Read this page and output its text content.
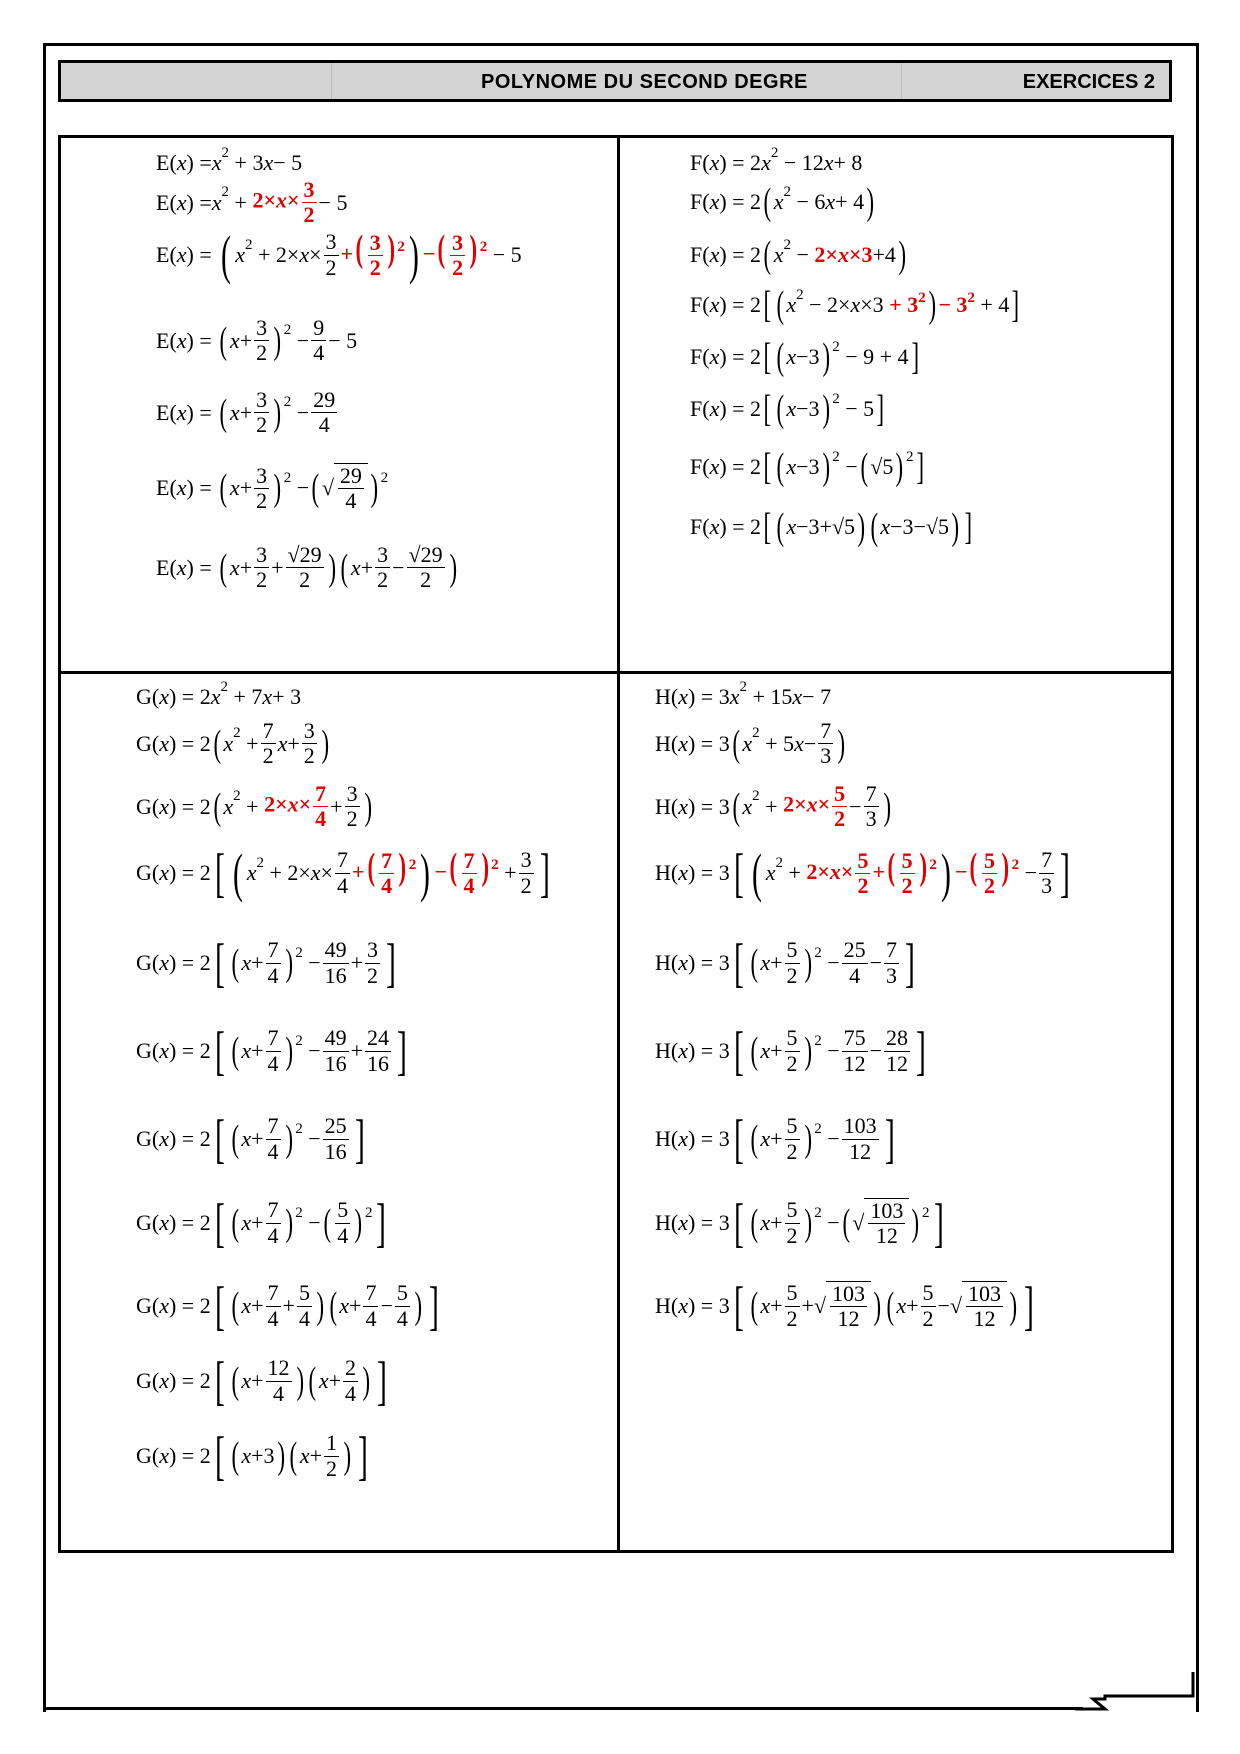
POLYNOME DU SECOND DEGRE	EXERCICES 2
E( x ) = x 2 + 3 x − 5
E( x ) = x $2 + 2\times x\times \frac{3}{2} - 5$
E( x ) = ( x $2 + 2\times x \times \frac{3}{2}$ +( $\frac{3}{2}$ ) $^2$ ) −( $\frac{3}{2}$ ) $^2$ − 5
E( x ) = ( $x + \frac{3}{2}$ ) $2 - \frac{9}{4} - 5$
E( x ) = ( $x + \frac{3}{2}$ ) $2 - \frac{29}{4}$
E( x ) = ( $x + \frac{3}{2}$ ) 2 − ( √ $\frac{29}{4}$ ) 2
E( x ) = ( $x + \frac{3}{2} + \frac{√29}{2}$ ) ( $x + \frac{3}{2} - \frac{√29}{2}$ )
F( x ) = 2 x 2 − 12 x + 8
F( x ) = 2 ( x 2 − 6 x + 4 )
F( x ) = 2 ( x 2 − 2×x×3 +4 )
F( x ) = 2 [ ( x $2 - 2\times x \times 3 + 3^2$ ) − $3^2 + 4$ ]
F( x ) = 2 [ ( x −3 ) 2 − 9 + 4 ]
F( x ) = 2 [ ( x −3 ) 2 − 5 ]
F( x ) = 2 [ ( x −3 ) 2 − ( √5 ) 2 ]
F( x ) = 2 [ ( x −3+√5 ) ( x −3−√5 ) ]
G( x ) = 2 x 2 + 7 x + 3
G( x ) = 2 ( x $2 + \frac{7}{2}$ $x + \frac{3}{2}$ )
G( x ) = 2 ( x $2 + 2\times x\times \frac{7}{4} + \frac{3}{2}$ )
G( x ) = 2 [ ( x $2 + 2\times x \times \frac{7}{4}$ +( $\frac{7}{4}$ ) $^2$ ) −( $\frac{7}{4}$ ) $^2 + \frac{3}{2}$ ]
G( x ) = 2 [ ( $x + \frac{7}{4}$ ) $2 - \frac{49}{16} + \frac{3}{2}$ ]
G( x ) = 2 [ ( $x + \frac{7}{4}$ ) $2 - \frac{49}{16} + \frac{24}{16}$ ]
G( x ) = 2 [ ( $x + \frac{7}{4}$ ) $2 - \frac{25}{16}$ ]
G( x ) = 2 [ ( $x + \frac{7}{4}$ ) 2 − ( $\frac{5}{4}$ ) 2 ]
G( x ) = 2 [ ( $x + \frac{7}{4} + \frac{5}{4}$ ) ( $x + \frac{7}{4} - \frac{5}{4}$ ) ]
G( x ) = 2 [ ( $x + \frac{12}{4}$ ) ( $x + \frac{2}{4}$ ) ]
G( x ) = 2 [ ( x +3 ) ( $x + \frac{1}{2}$ ) ]
H( x ) = 3 x 2 + 15 x − 7
H( x ) = 3 ( x 2 + 5 $x - \frac{7}{3}$ )
H( x ) = 3 ( x $2 + 2\times x\times \frac{5}{2} - \frac{7}{3}$ )
H( x ) = 3 [ ( x $2 + 2\times x\times \frac{5}{2}$ +( $\frac{5}{2}$ ) $^2$ ) −( $\frac{5}{2}$ ) $^2 - \frac{7}{3}$ ]
H( x ) = 3 [ ( $x + \frac{5}{2}$ ) $2 - \frac{25}{4} - \frac{7}{3}$ ]
H( x ) = 3 [ ( $x + \frac{5}{2}$ ) $2 - \frac{75}{12} - \frac{28}{12}$ ]
H( x ) = 3 [ ( $x + \frac{5}{2}$ ) $2 - \frac{103}{12}$ ]
H( x ) = 3 [ ( $x + \frac{5}{2}$ ) 2 − ( √ $\frac{103}{12}$ ) 2 ]
H( x ) = 3 [ ( $x + \frac{5}{2}$ + √ $\frac{103}{12}$ ) ( $x + \frac{5}{2}$ − √ $\frac{103}{12}$ ) ]
